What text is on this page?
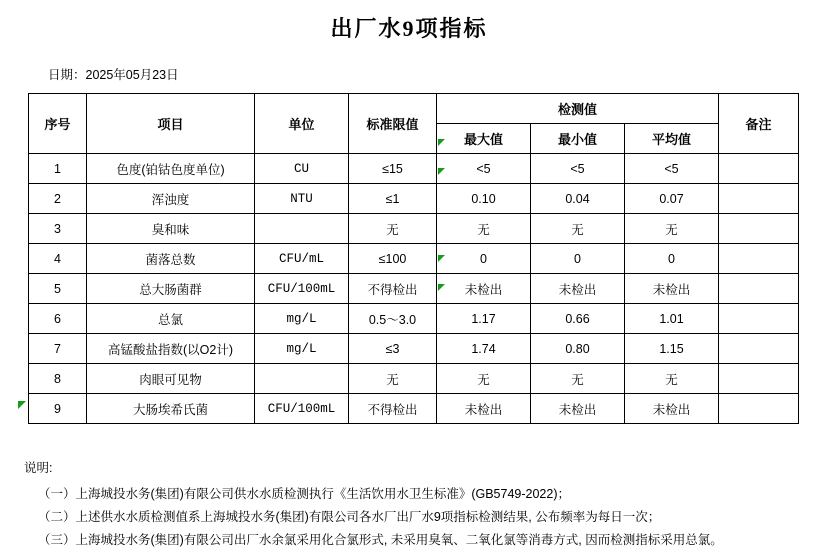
出厂水9项指标
日期：2025年05月23日
序号	项目	单位	标准限值	检测值			备注
				最大值	最小值	平均值	
1	色度(铂钴色度单位)	CU	≤15	<5	<5	<5	
2	浑浊度	NTU	≤1	0.10	0.04	0.07	
3	臭和味		无	无	无	无	
4	菌落总数	CFU/mL	≤100	0	0	0	
5	总大肠菌群	CFU/100mL	不得检出	未检出	未检出	未检出	
6	总氯	mg/L	0.5～3.0	1.17	0.66	1.01	
7	高锰酸盐指数(以O2计)	mg/L	≤3	1.74	0.80	1.15	
8	肉眼可见物		无	无	无	无	
9	大肠埃希氏菌	CFU/100mL	不得检出	未检出	未检出	未检出	
说明:
（一）上海城投水务(集团)有限公司供水水质检测执行《生活饮用水卫生标准》(GB5749-2022)；
（二）上述供水水质检测值系上海城投水务(集团)有限公司各水厂出厂水9项指标检测结果, 公布频率为每日一次；
（三）上海城投水务(集团)有限公司出厂水余氯采用化合氯形式, 未采用臭氧、二氧化氯等消毒方式, 因而检测指标采用总氯。
